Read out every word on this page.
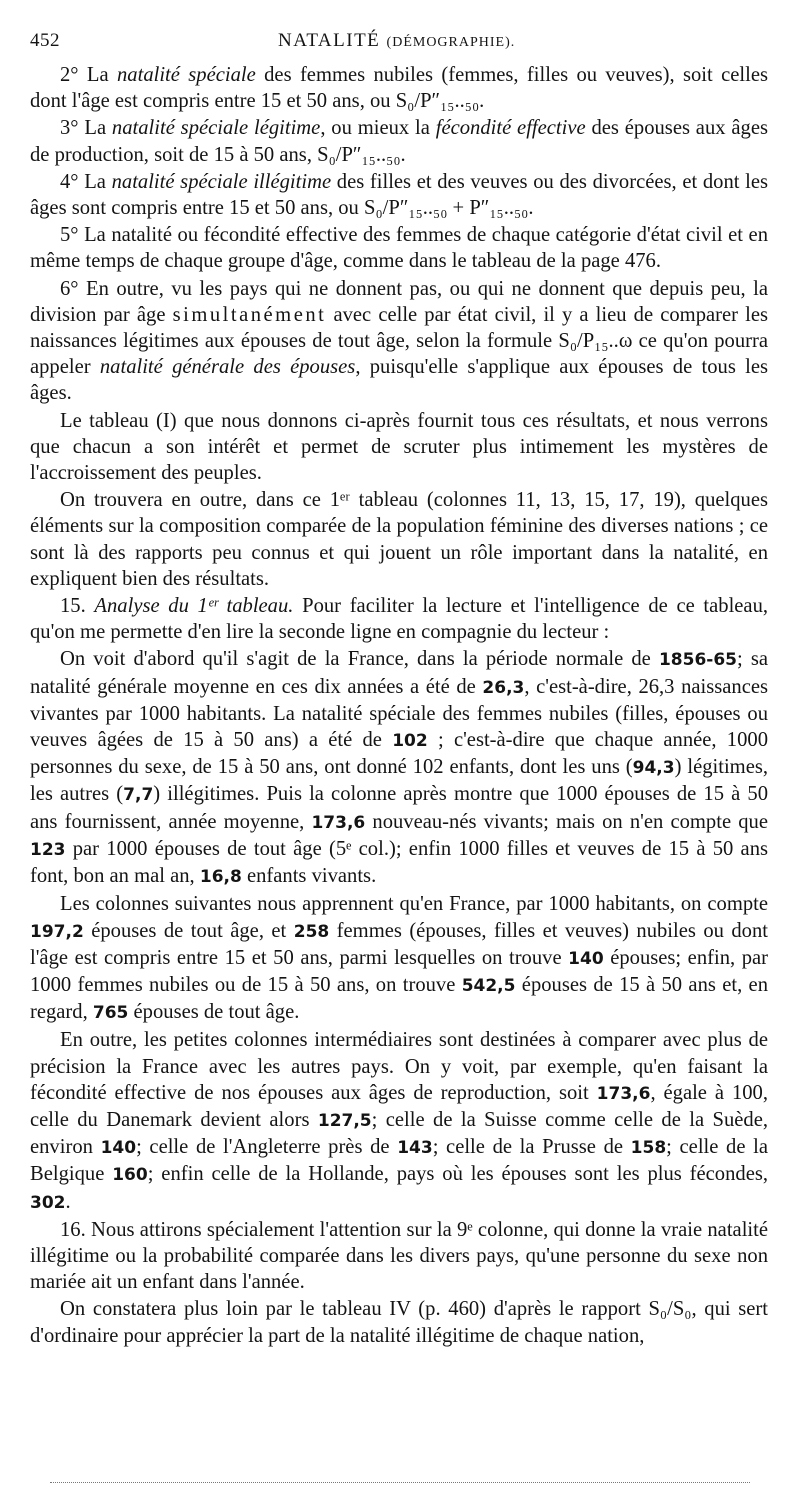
452	NATALITÉ (DÉMOGRAPHIE).

2° La natalité spéciale des femmes nubiles (femmes, filles ou veuves), soit celles dont l'âge est compris entre 15 et 50 ans, ou S₀/P″₁₅..₅₀.

3° La natalité spéciale légitime, ou mieux la fécondité effective des épouses aux âges de production, soit de 15 à 50 ans, S₀/P″₁₅..₅₀.

4° La natalité spéciale illégitime des filles et des veuves ou des divorcées, et dont les âges sont compris entre 15 et 50 ans, ou S₀/P″₁₅..₅₀ + P″₁₅..₅₀.

5° La natalité ou fécondité effective des femmes de chaque catégorie d'état civil et en même temps de chaque groupe d'âge, comme dans le tableau de la page 476.

6° En outre, vu les pays qui ne donnent pas, ou qui ne donnent que depuis peu, la division par âge simultanément avec celle par état civil, il y a lieu de comparer les naissances légitimes aux épouses de tout âge, selon la formule S₀/P₁₅..ω ce qu'on pourra appeler natalité générale des épouses, puisqu'elle s'applique aux épouses de tous les âges.

Le tableau (I) que nous donnons ci-après fournit tous ces résultats, et nous verrons que chacun a son intérêt et permet de scruter plus intimement les mystères de l'accroissement des peuples.

On trouvera en outre, dans ce 1ᵉʳ tableau (colonnes 11, 13, 15, 17, 19), quelques éléments sur la composition comparée de la population féminine des diverses nations ; ce sont là des rapports peu connus et qui jouent un rôle important dans la natalité, en expliquent bien des résultats.

15. Analyse du 1ᵉʳ tableau. Pour faciliter la lecture et l'intelligence de ce tableau, qu'on me permette d'en lire la seconde ligne en compagnie du lecteur :

On voit d'abord qu'il s'agit de la France, dans la période normale de 1856-65; sa natalité générale moyenne en ces dix années a été de 26,3, c'est-à-dire, 26,3 naissances vivantes par 1000 habitants. La natalité spéciale des femmes nubiles (filles, épouses ou veuves âgées de 15 à 50 ans) a été de 102 ; c'est-à-dire que chaque année, 1000 personnes du sexe, de 15 à 50 ans, ont donné 102 enfants, dont les uns (94,3) légitimes, les autres (7,7) illégitimes. Puis la colonne après montre que 1000 épouses de 15 à 50 ans fournissent, année moyenne, 173,6 nouveau-nés vivants; mais on n'en compte que 123 par 1000 épouses de tout âge (5ᵉ col.); enfin 1000 filles et veuves de 15 à 50 ans font, bon an mal an, 16,8 enfants vivants.

Les colonnes suivantes nous apprennent qu'en France, par 1000 habitants, on compte 197,2 épouses de tout âge, et 258 femmes (épouses, filles et veuves) nubiles ou dont l'âge est compris entre 15 et 50 ans, parmi lesquelles on trouve 140 épouses; enfin, par 1000 femmes nubiles ou de 15 à 50 ans, on trouve 542,5 épouses de 15 à 50 ans et, en regard, 765 épouses de tout âge.

En outre, les petites colonnes intermédiaires sont destinées à comparer avec plus de précision la France avec les autres pays. On y voit, par exemple, qu'en faisant la fécondité effective de nos épouses aux âges de reproduction, soit 173,6, égale à 100, celle du Danemark devient alors 127,5; celle de la Suisse comme celle de la Suède, environ 140; celle de l'Angleterre près de 143; celle de la Prusse de 158; celle de la Belgique 160; enfin celle de la Hollande, pays où les épouses sont les plus fécondes, 302.

16. Nous attirons spécialement l'attention sur la 9ᵉ colonne, qui donne la vraie natalité illégitime ou la probabilité comparée dans les divers pays, qu'une personne du sexe non mariée ait un enfant dans l'année.

On constatera plus loin par le tableau IV (p. 460) d'après le rapport S₀/S₀, qui sert d'ordinaire pour apprécier la part de la natalité illégitime de chaque nation,
